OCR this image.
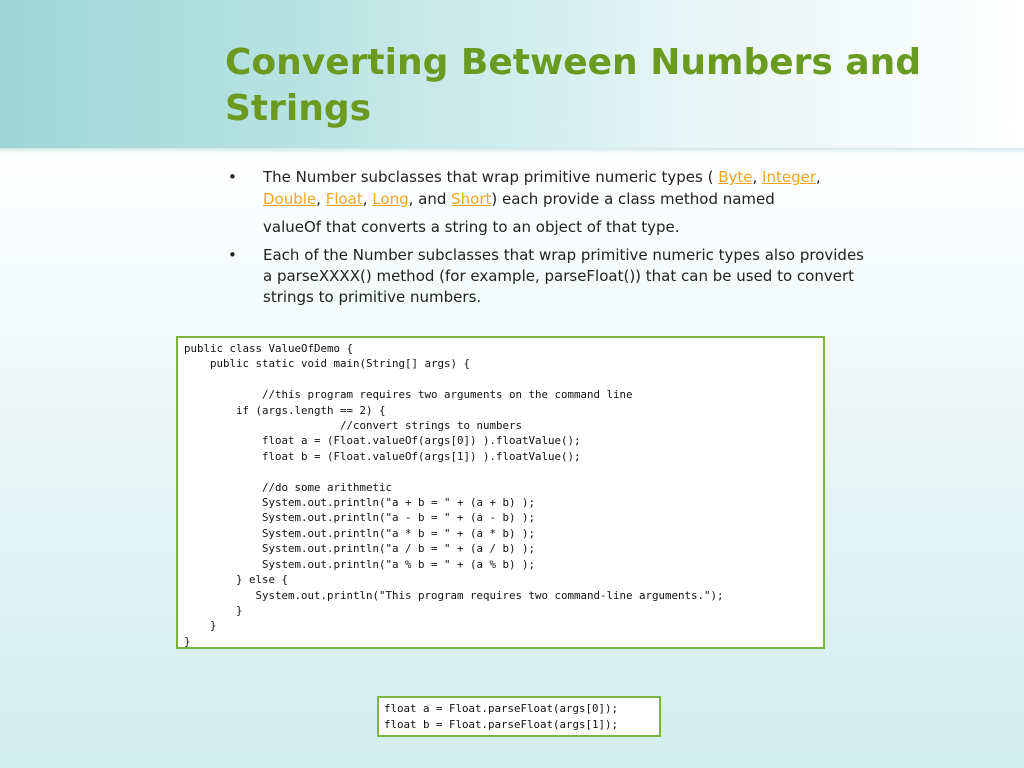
Converting Between Numbers and Strings
• The Number subclasses that wrap primitive numeric types ( Byte, Integer,
Double, Float, Long, and Short) each provide a class method named
valueOf that converts a string to an object of that type.
• Each of the Number subclasses that wrap primitive numeric types also provides a parseXXXX() method (for example, parseFloat()) that can be used to convert strings to primitive numbers.
public class ValueOfDemo {
public static void main(String[] args) {

//this program requires two arguments on the command line
if (args.length == 2) {
//convert strings to numbers
float a = (Float.valueOf(args[0]) ).floatValue();
float b = (Float.valueOf(args[1]) ).floatValue();

//do some arithmetic
System.out.println("a + b = " + (a + b) );
System.out.println("a - b = " + (a - b) );
System.out.println("a * b = " + (a * b) );
System.out.println("a / b = " + (a / b) );
System.out.println("a % b = " + (a % b) );
} else {
System.out.println("This program requires two command-line arguments.");
}
}
}
float a = Float.parseFloat(args[0]);
float b = Float.parseFloat(args[1]);
